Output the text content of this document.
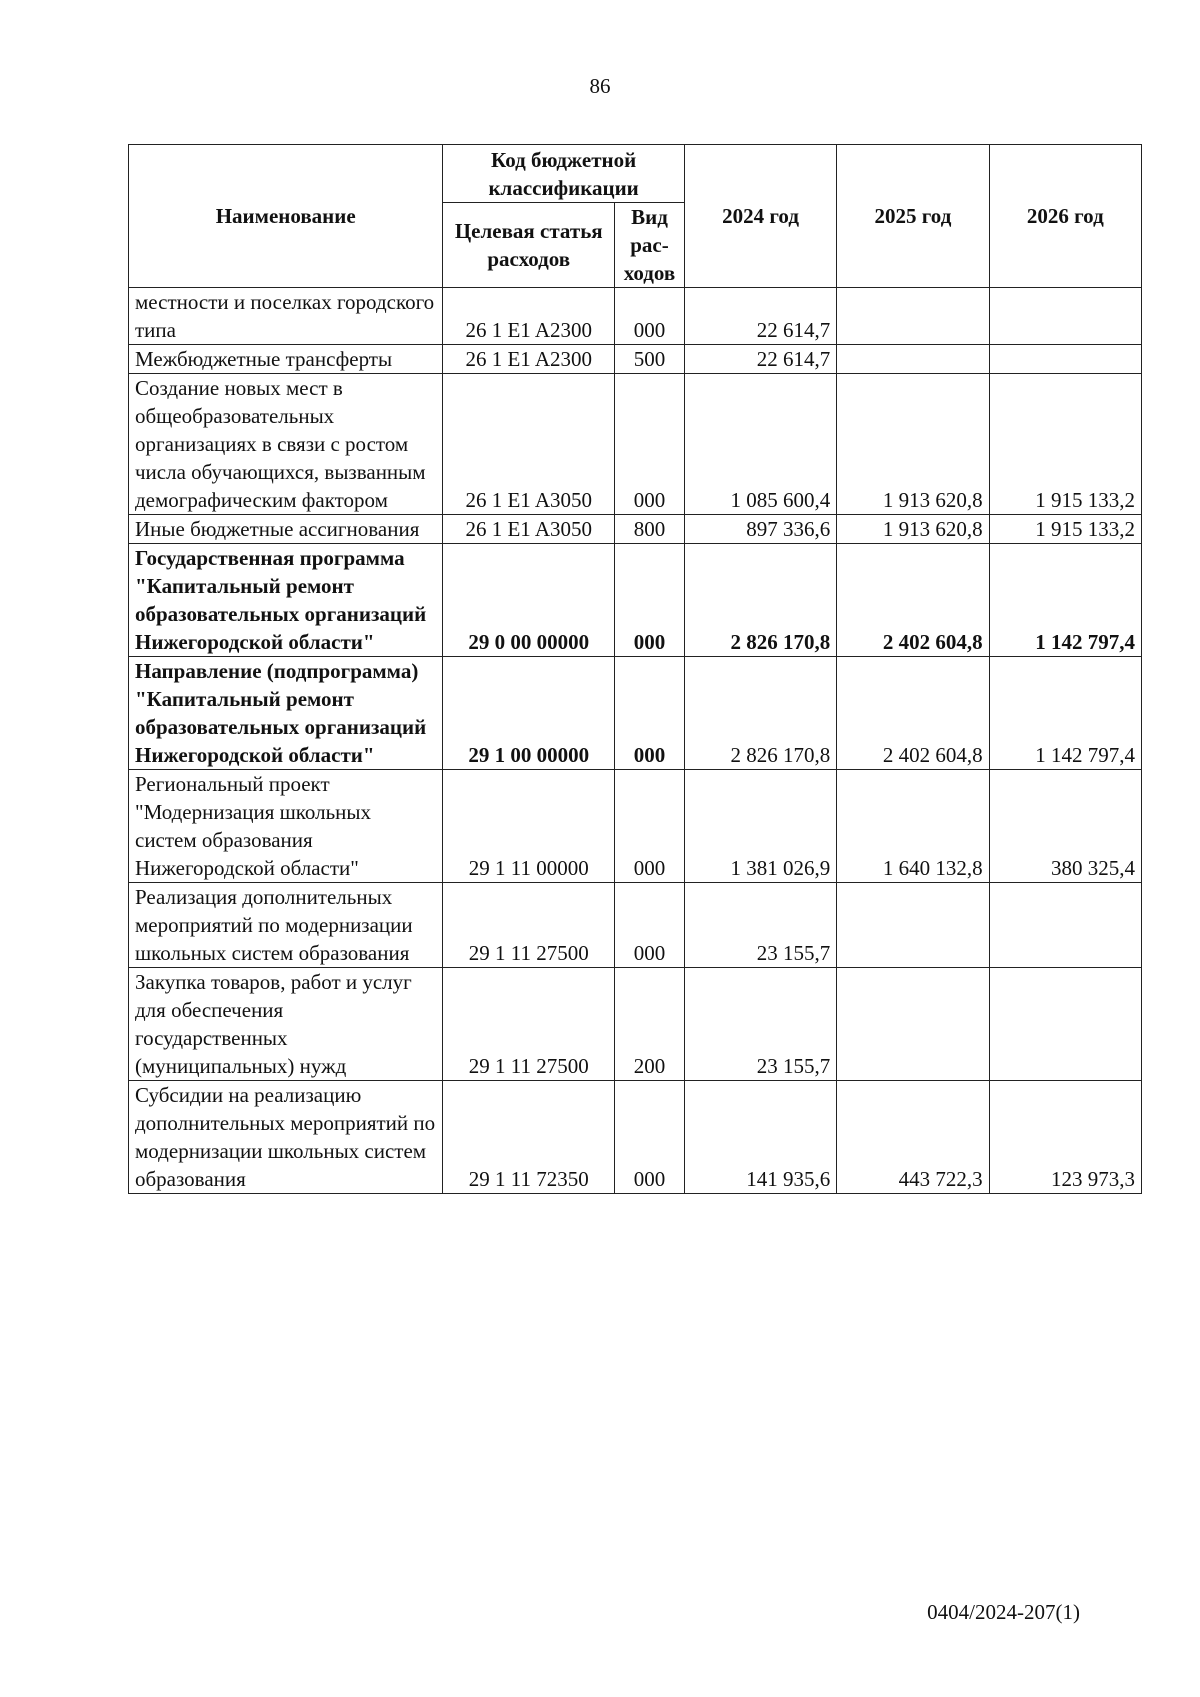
86
Наименование	Код бюджетной классификации		2024 год	2025 год	2026 год
	Целевая статья расходов	Вид рас-ходов			
местности и поселках городского типа	26 1 E1 A2300	000	22 614,7		
Межбюджетные трансферты	26 1 E1 A2300	500	22 614,7		
Создание новых мест в общеобразовательных организациях в связи с ростом числа обучающихся, вызванным демографическим фактором	26 1 E1 A3050	000	1 085 600,4	1 913 620,8	1 915 133,2
Иные бюджетные ассигнования	26 1 E1 A3050	800	897 336,6	1 913 620,8	1 915 133,2
Государственная программа "Капитальный ремонт образовательных организаций Нижегородской области"	29 0 00 00000	000	2 826 170,8	2 402 604,8	1 142 797,4
Направление (подпрограмма) "Капитальный ремонт образовательных организаций Нижегородской области"	29 1 00 00000	000	2 826 170,8	2 402 604,8	1 142 797,4
Региональный проект "Модернизация школьных систем образования Нижегородской области"	29 1 11 00000	000	1 381 026,9	1 640 132,8	380 325,4
Реализация дополнительных мероприятий по модернизации школьных систем образования	29 1 11 27500	000	23 155,7		
Закупка товаров, работ и услуг для обеспечения государственных (муниципальных) нужд	29 1 11 27500	200	23 155,7		
Субсидии на реализацию дополнительных мероприятий по модернизации школьных систем образования	29 1 11 72350	000	141 935,6	443 722,3	123 973,3
0404/2024-207(1)
